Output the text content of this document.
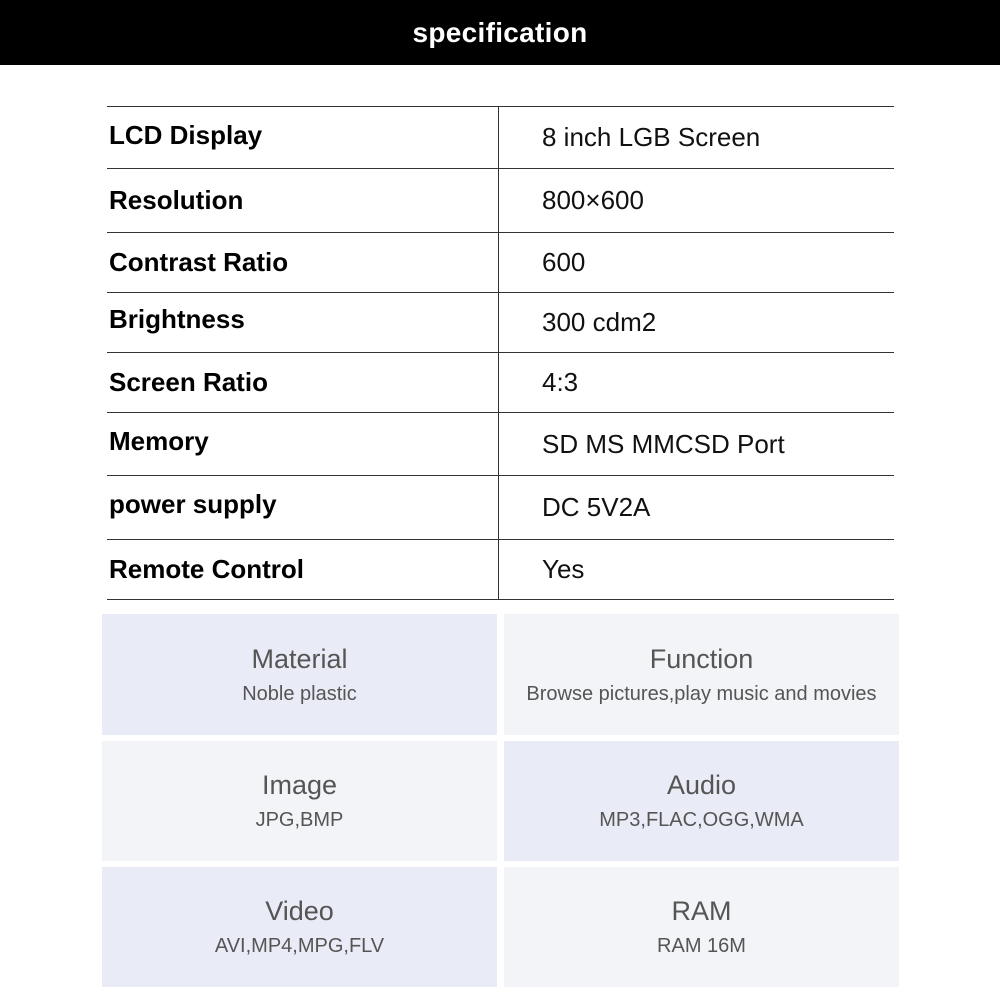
specification
LCD Display	8 inch LGB Screen
Resolution	800×600
Contrast Ratio	600
Brightness	300 cdm2
Screen Ratio	4:3
Memory	SD MS MMCSD Port
power supply	DC 5V2A
Remote Control	Yes
Material
Noble plastic
Function
Browse pictures,play music and movies
Image
JPG,BMP
Audio
MP3,FLAC,OGG,WMA
Video
AVI,MP4,MPG,FLV
RAM
RAM 16M
